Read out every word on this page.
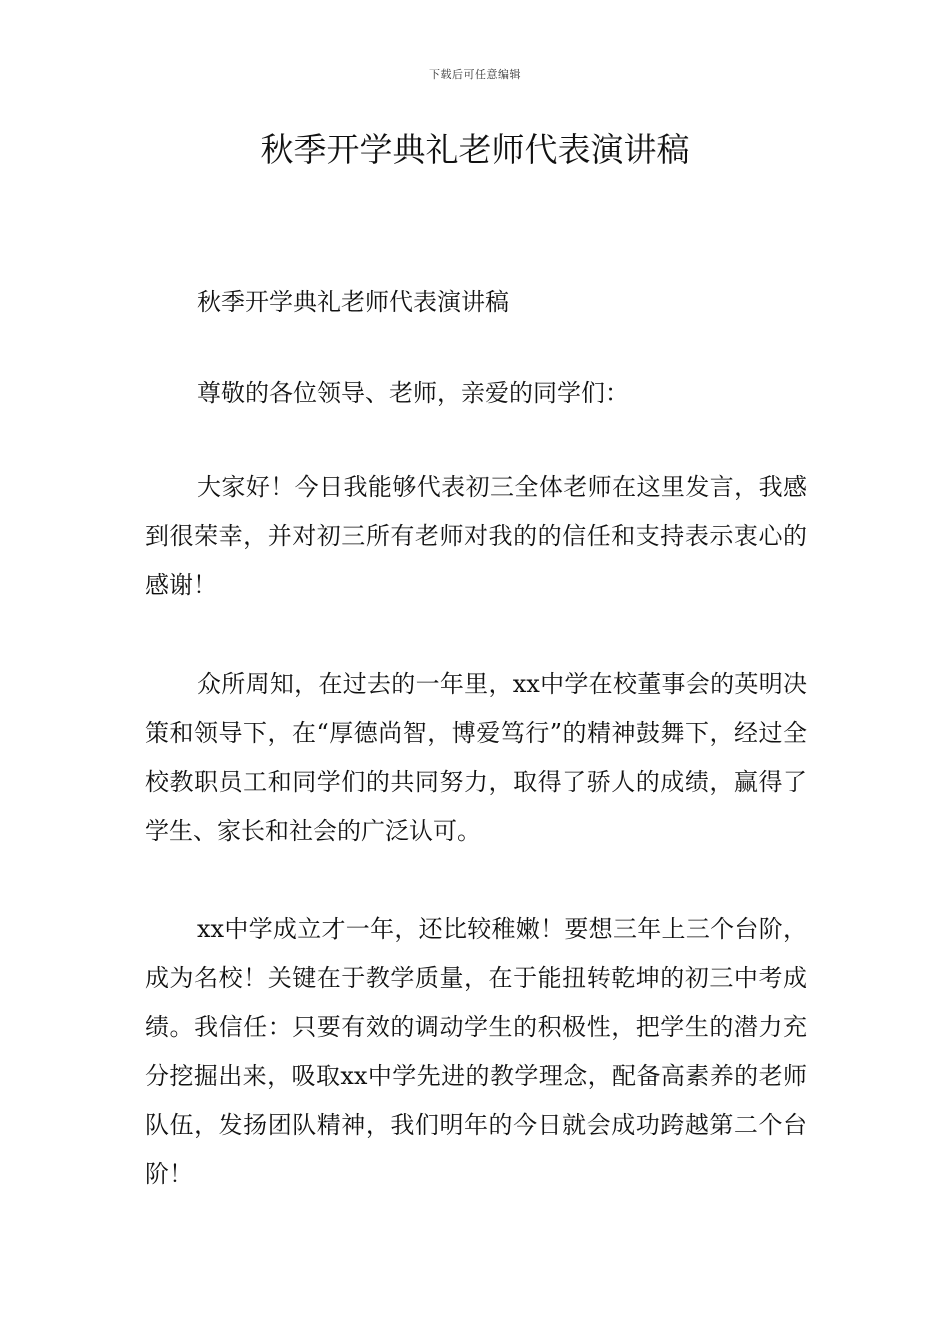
下载后可任意编辑
秋季开学典礼老师代表演讲稿

秋季开学典礼老师代表演讲稿

尊敬的各位领导、老师，亲爱的同学们：

大家好！今日我能够代表初三全体老师在这里发言，我感到很荣幸，并对初三所有老师对我的的信任和支持表示衷心的感谢！

众所周知，在过去的一年里，xx中学在校董事会的英明决策和领导下，在“厚德尚智，博爱笃行”的精神鼓舞下，经过全校教职员工和同学们的共同努力，取得了骄人的成绩，赢得了学生、家长和社会的广泛认可。

xx中学成立才一年，还比较稚嫩！要想三年上三个台阶，成为名校！关键在于教学质量，在于能扭转乾坤的初三中考成绩。我信任：只要有效的调动学生的积极性，把学生的潜力充分挖掘出来，吸取xx中学先进的教学理念，配备高素养的老师队伍，发扬团队精神，我们明年的今日就会成功跨越第二个台阶！
